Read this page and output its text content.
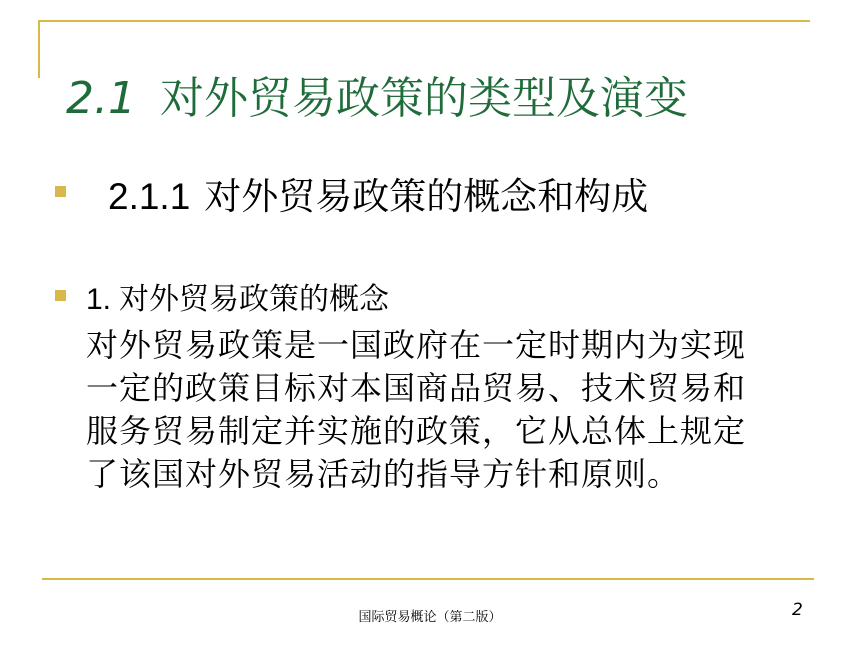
2.1 对外贸易政策的类型及演变
2.1.1 对外贸易政策的概念和构成
1. 对外贸易政策的概念
对外贸易政策是一国政府在一定时期内为实现
一定的政策目标对本国商品贸易、技术贸易和
服务贸易制定并实施的政策，它从总体上规定
了该国对外贸易活动的指导方针和原则。
国际贸易概论（第二版）	2
